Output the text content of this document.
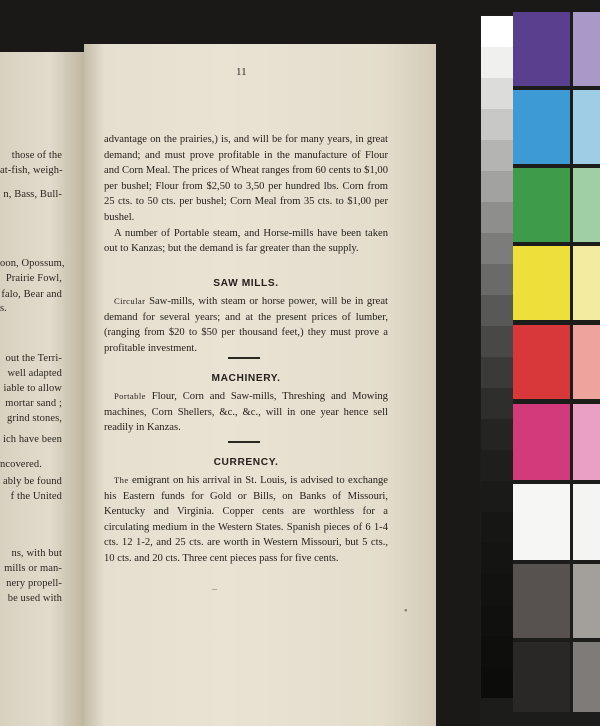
those of the
at-fish, weigh-
n, Bass, Bull-
oon, Opossum,
Prairie Fowl,
falo, Bear and
s.
out the Terri-
well adapted
iable to allow
mortar sand ;
grind stones,
ich have been
ncovered.
ably be found
f the United
ns, with but
mills or man-
nery propell-
be used with
11

advantage on the prairies,) is, and will be for many years, in great demand; and must prove profitable in the manufacture of Flour and Corn Meal. The prices of Wheat ranges from 60 cents to $1,00 per bushel; Flour from $2,50 to 3,50 per hundred lbs. Corn from 25 cts. to 50 cts. per bushel; Corn Meal from 35 cts. to $1,00 per bushel.

A number of Portable steam, and Horse-mills have been taken out to Kanzas; but the demand is far greater than the supply.

SAW MILLS.

Circular Saw-mills, with steam or horse power, will be in great demand for several years; and at the present prices of lumber, (ranging from $20 to $50 per thousand feet,) they must prove a profitable investment.

MACHINERY.

Portable Flour, Corn and Saw-mills, Threshing and Mowing machines, Corn Shellers, &c., &c., will in one year hence sell readily in Kanzas.

CURRENCY.

The emigrant on his arrival in St. Louis, is advised to exchange his Eastern funds for Gold or Bills, on Banks of Missouri, Kentucky and Virginia. Copper cents are worthless for a circulating medium in the Western States. Spanish pieces of 6 1-4 cts. 12 1-2, and 25 cts. are worth in Western Missouri, but 5 cts., 10 cts. and 20 cts. Three cent pieces pass for five cents.

–
•
